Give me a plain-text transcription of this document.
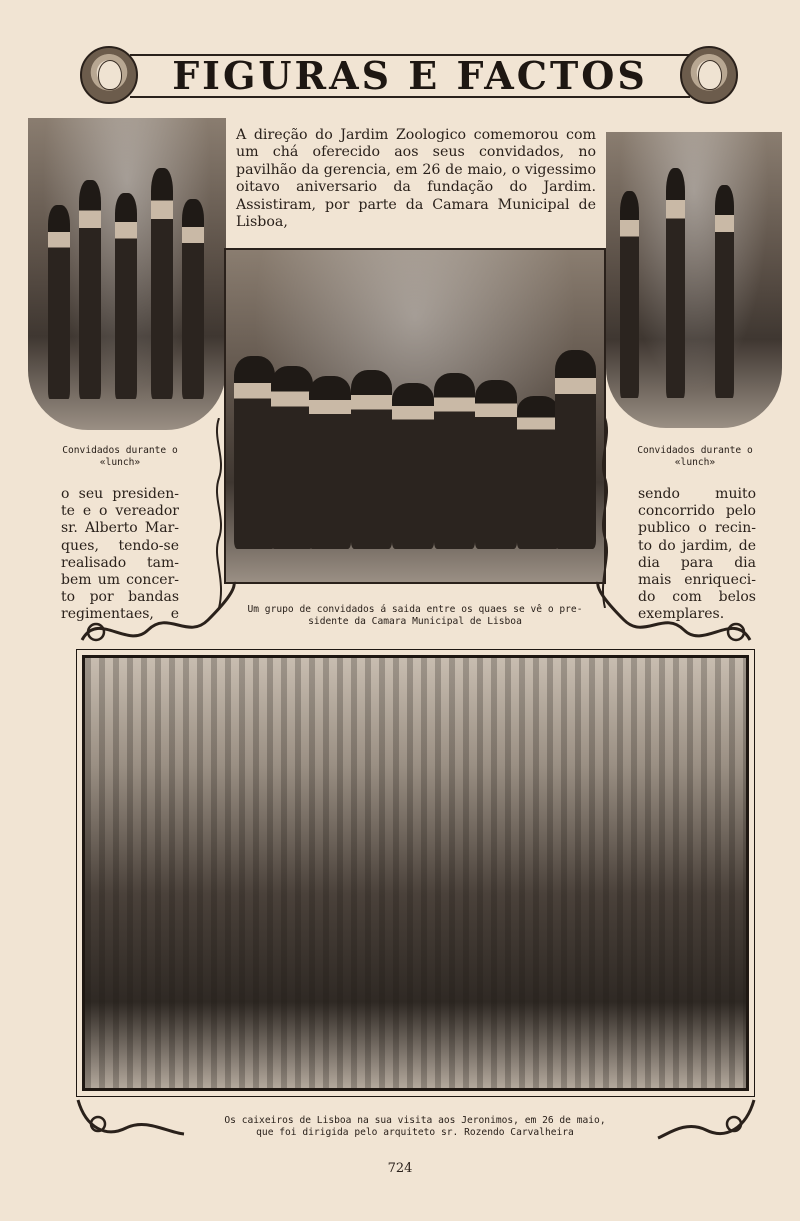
FIGURAS E FACTOS
A direção do Jardim Zoologico comemorou com um chá oferecido aos seus convidados, no pavilhão da gerencia, em 26 de maio, o vigessimo oitavo aniversario da fundação do Jardim. Assistiram, por parte da Camara Municipal de Lisboa,
Convidados durante o
«lunch»
Convidados durante o
«lunch»
Um grupo de convidados á saida entre os quaes se vê o pre-
sidente da Camara Municipal de Lisboa
Os caixeiros de Lisboa na sua visita aos Jeronimos, em 26 de maio,
que foi dirigida pelo arquiteto sr. Rozendo Carvalheira

o seu presiden-

te e o vereador

sr. Alberto Mar-

ques, tendo-se

realisado tam-

bem um concer-

to por bandas

regimentaes, e

sendo muito

concorrido pelo

publico o recin-

to do jardim, de

dia para dia

mais enriqueci-

do com belos

exemplares.

724
